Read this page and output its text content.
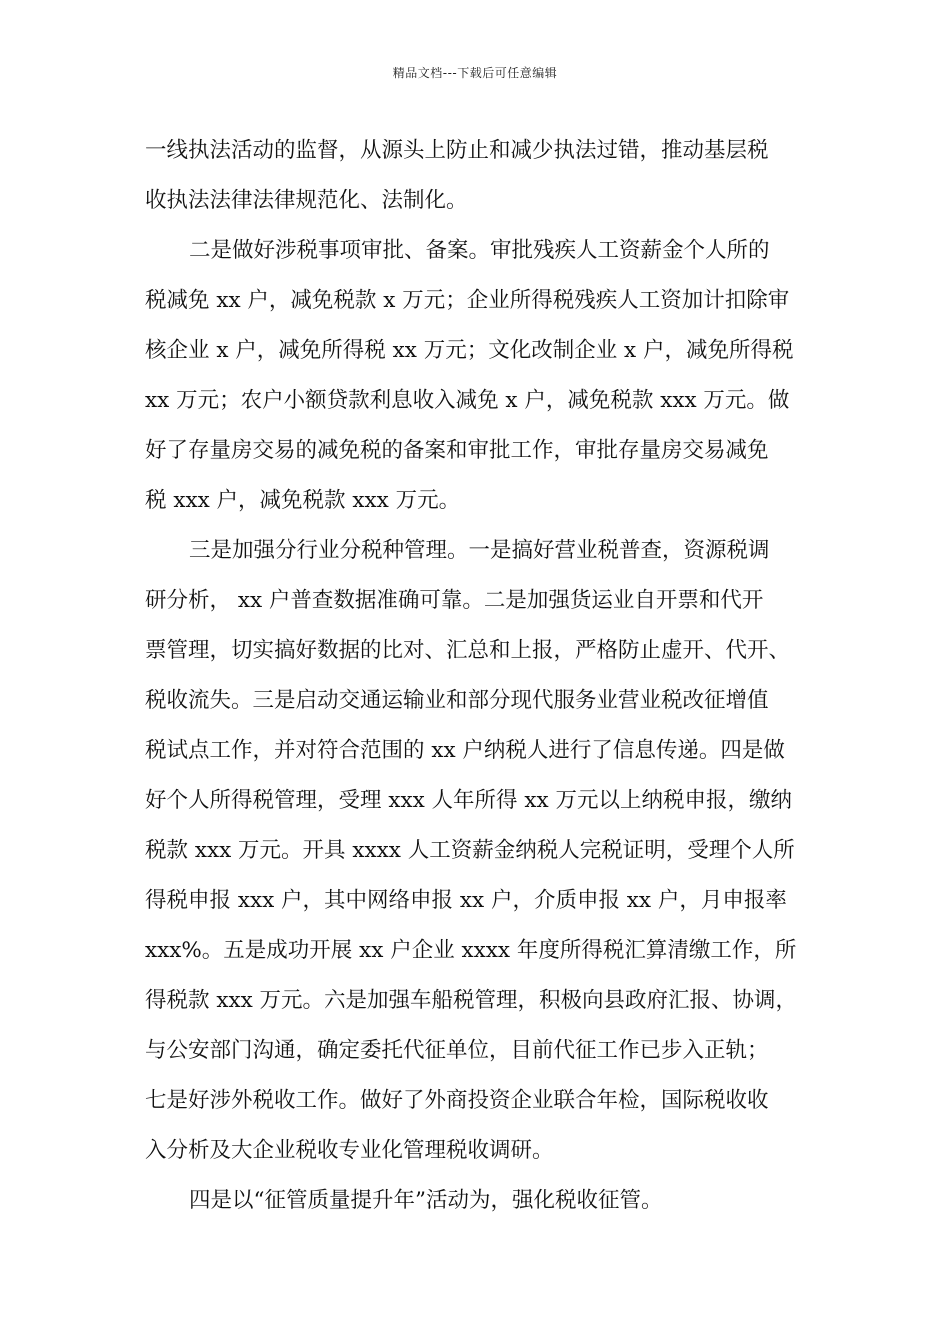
精品文档---下载后可任意编辑
一线执法活动的监督，从源头上防止和减少执法过错，推动基层税
收执法法律法律规范化、法制化。
二是做好涉税事项审批、备案。审批残疾人工资薪金个人所的
税减免 xx 户，减免税款 x 万元；企业所得税残疾人工资加计扣除审
核企业 x 户，减免所得税 xx 万元；文化改制企业 x 户，减免所得税
xx 万元；农户小额贷款利息收入减免 x 户，减免税款 xxx 万元。做
好了存量房交易的减免税的备案和审批工作，审批存量房交易减免
税 xxx 户，减免税款 xxx 万元。
三是加强分行业分税种管理。一是搞好营业税普查，资源税调
研分析， xx 户普查数据准确可靠。二是加强货运业自开票和代开
票管理，切实搞好数据的比对、汇总和上报，严格防止虚开、代开、
税收流失。三是启动交通运输业和部分现代服务业营业税改征增值
税试点工作，并对符合范围的 xx 户纳税人进行了信息传递。四是做
好个人所得税管理，受理 xxx 人年所得 xx 万元以上纳税申报，缴纳
税款 xxx 万元。开具 xxxx 人工资薪金纳税人完税证明，受理个人所
得税申报 xxx 户，其中网络申报 xx 户，介质申报 xx 户，月申报率
xxx%。五是成功开展 xx 户企业 xxxx 年度所得税汇算清缴工作，所
得税款 xxx 万元。六是加强车船税管理，积极向县政府汇报、协调，
与公安部门沟通，确定委托代征单位，目前代征工作已步入正轨；
七是好涉外税收工作。做好了外商投资企业联合年检，国际税收收
入分析及大企业税收专业化管理税收调研。
四是以“征管质量提升年”活动为，强化税收征管。
